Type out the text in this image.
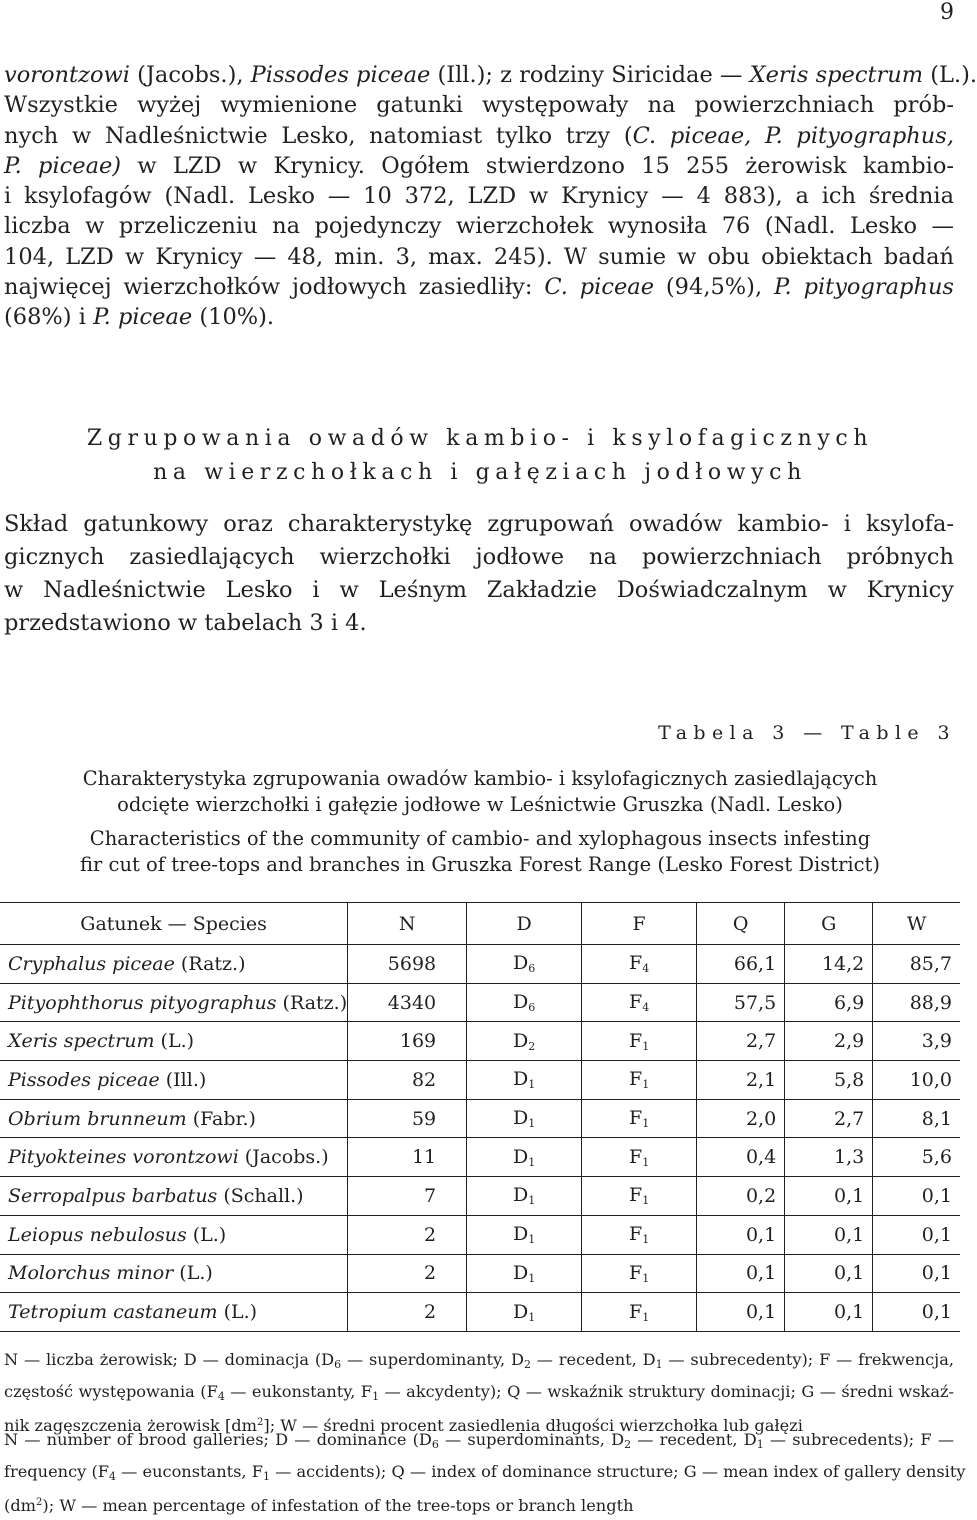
9

vorontzowi (Jacobs.), Pissodes piceae (Ill.); z rodziny Siricidae — Xeris spectrum (L.).
Wszystkie wyżej wymienione gatunki występowały na powierzchniach prób-
nych w Nadleśnictwie Lesko, natomiast tylko trzy (C. piceae, P. pityographus,
P. piceae) w LZD w Krynicy. Ogółem stwierdzono 15 255 żerowisk kambio-
i ksylofagów (Nadl. Lesko — 10 372, LZD w Krynicy — 4 883), a ich średnia
liczba w przeliczeniu na pojedynczy wierzchołek wynosiła 76 (Nadl. Lesko —
104, LZD w Krynicy — 48, min. 3, max. 245). W sumie w obu obiektach badań
najwięcej wierzchołków jodłowych zasiedliły: C. piceae (94,5%), P. pityographus
(68%) i P. piceae (10%).

Zgrupowania owadów kambio- i ksylofagicznych
na wierzchołkach i gałęziach jodłowych

Skład gatunkowy oraz charakterystykę zgrupowań owadów kambio- i ksylofa-
gicznych zasiedlających wierzchołki jodłowe na powierzchniach próbnych
w Nadleśnictwie Lesko i w Leśnym Zakładzie Doświadczalnym w Krynicy
przedstawiono w tabelach 3 i 4.

Tabela 3 — Table 3
Charakterystyka zgrupowania owadów kambio- i ksylofagicznych zasiedlających
odcięte wierzchołki i gałęzie jodłowe w Leśnictwie Gruszka (Nadl. Lesko)
Characteristics of the community of cambio- and xylophagous insects infesting
fir cut of tree-tops and branches in Gruszka Forest Range (Lesko Forest District)
Gatunek — Species	N	D	F	Q	G	W
Cryphalus piceae (Ratz.)	5698	$D_6$	$F_4$	66,1	14,2	85,7
Pityophthorus pityographus (Ratz.)	4340	$D_6$	$F_4$	57,5	6,9	88,9
Xeris spectrum (L.)	169	$D_2$	$F_1$	2,7	2,9	3,9
Pissodes piceae (Ill.)	82	$D_1$	$F_1$	2,1	5,8	10,0
Obrium brunneum (Fabr.)	59	$D_1$	$F_1$	2,0	2,7	8,1
Pityokteines vorontzowi (Jacobs.)	11	$D_1$	$F_1$	0,4	1,3	5,6
Serropalpus barbatus (Schall.)	7	$D_1$	$F_1$	0,2	0,1	0,1
Leiopus nebulosus (L.)	2	$D_1$	$F_1$	0,1	0,1	0,1
Molorchus minor (L.)	2	$D_1$	$F_1$	0,1	0,1	0,1
Tetropium castaneum (L.)	2	$D_1$	$F_1$	0,1	0,1	0,1

N — liczba żerowisk; D — dominacja ($D_6$ — superdominanty, $D_2$ — recedent, $D_1$ — subrecedenty); F — frekwencja,
częstość występowania ($F_4$ — eukonstanty, $F_1$ — akcydenty); Q — wskaźnik struktury dominacji; G — średni wskaź-
nik zagęszczenia żerowisk $[dm^2]$; W — średni procent zasiedlenia długości wierzchołka lub gałęzi

N — number of brood galleries; D — dominance ($D_6$ — superdominants, $D_2$ — recedent, $D_1$ — subrecedents); F —
frequency ($F_4$ — euconstants, $F_1$ — accidents); Q — index of dominance structure; G — mean index of gallery density
$(dm^2)$; W — mean percentage of infestation of the tree-tops or branch length
